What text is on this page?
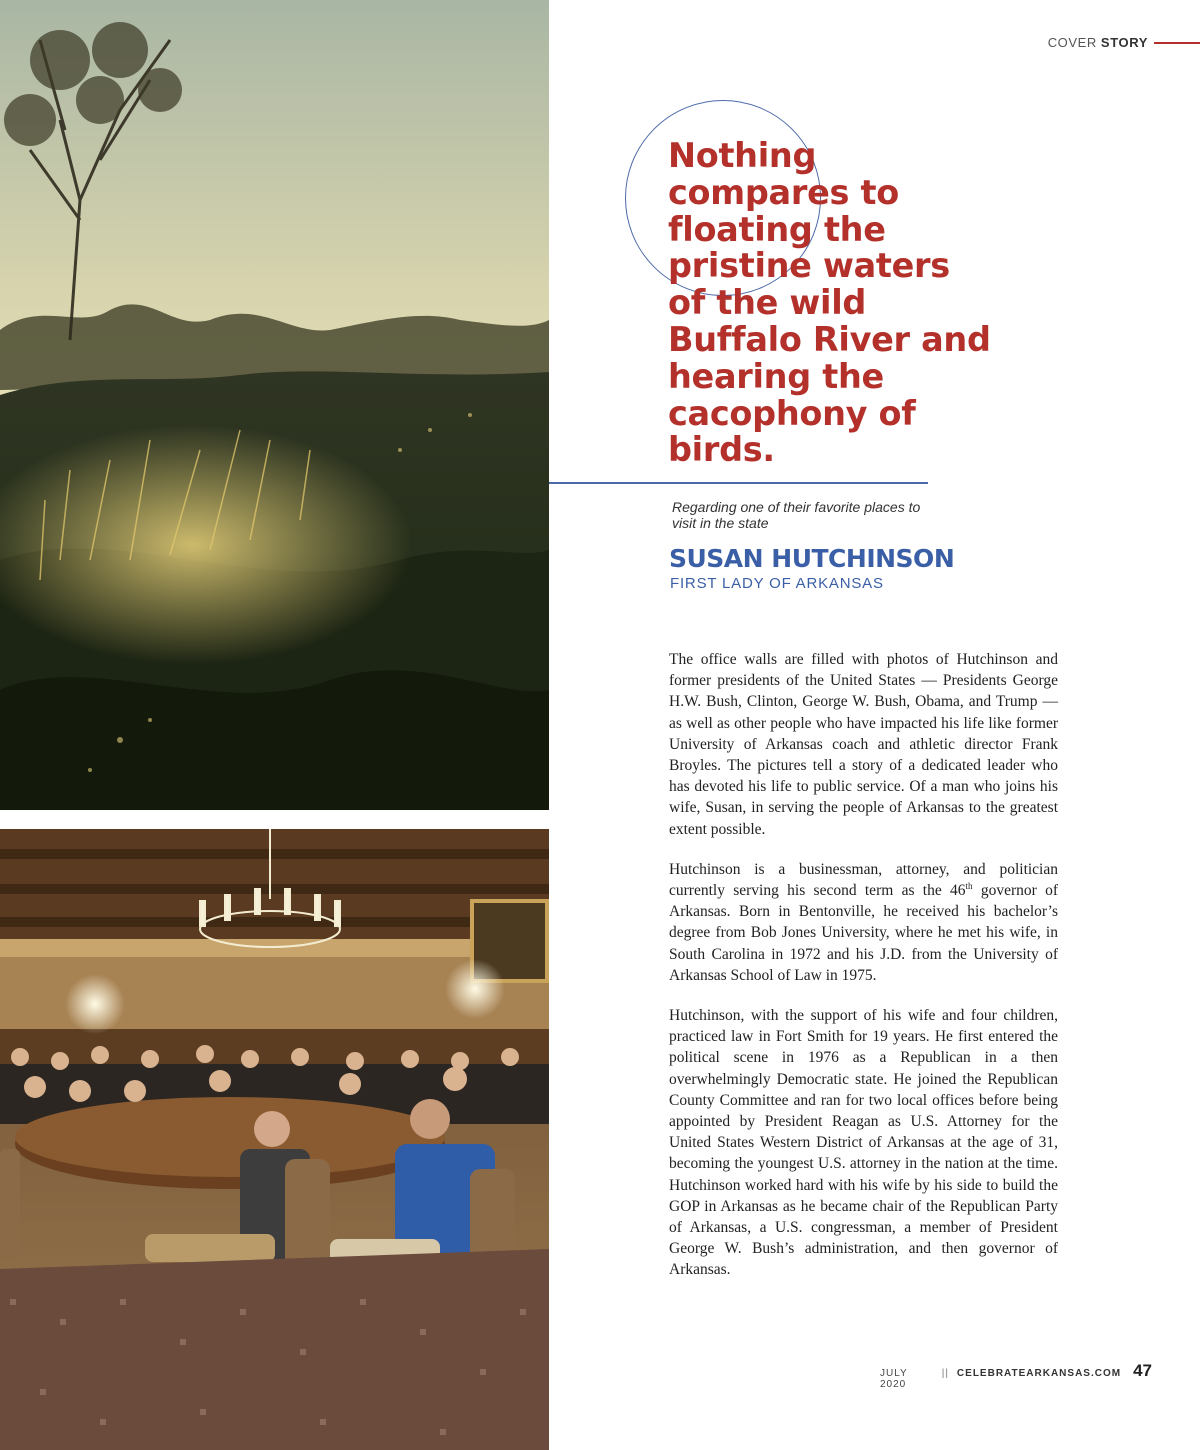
COVER STORY

Nothing compares to floating the pristine waters of the wild Buffalo River and hearing the cacophony of birds.

Regarding one of their favorite places to visit in the state
SUSAN HUTCHINSON
FIRST LADY OF ARKANSAS

The office walls are filled with photos of Hutchinson and former presidents of the United States — Presidents George H.W. Bush, Clinton, George W. Bush, Obama, and Trump — as well as other people who have impacted his life like former University of Arkansas coach and athletic director Frank Broyles. The pictures tell a story of a dedicated leader who has devoted his life to public service. Of a man who joins his wife, Susan, in serving the people of Arkansas to the greatest extent possible.

Hutchinson is a businessman, attorney, and politician currently serving his second term as the 46th governor of Arkansas. Born in Bentonville, he received his bachelor’s degree from Bob Jones University, where he met his wife, in South Carolina in 1972 and his J.D. from the University of Arkansas School of Law in 1975.

Hutchinson, with the support of his wife and four children, practiced law in Fort Smith for 19 years. He first entered the political scene in 1976 as a Republican in a then overwhelmingly Democratic state. He joined the Republican County Committee and ran for two local offices before being appointed by President Reagan as U.S. Attorney for the United States Western District of Arkansas at the age of 31, becoming the youngest U.S. attorney in the nation at the time. Hutchinson worked hard with his wife by his side to build the GOP in Arkansas as he became chair of the Republican Party of Arkansas, a U.S. congressman, a member of President George W. Bush’s administration, and then governor of Arkansas.

JULY 2020
|| CELEBRATEARKANSAS.COM 47
